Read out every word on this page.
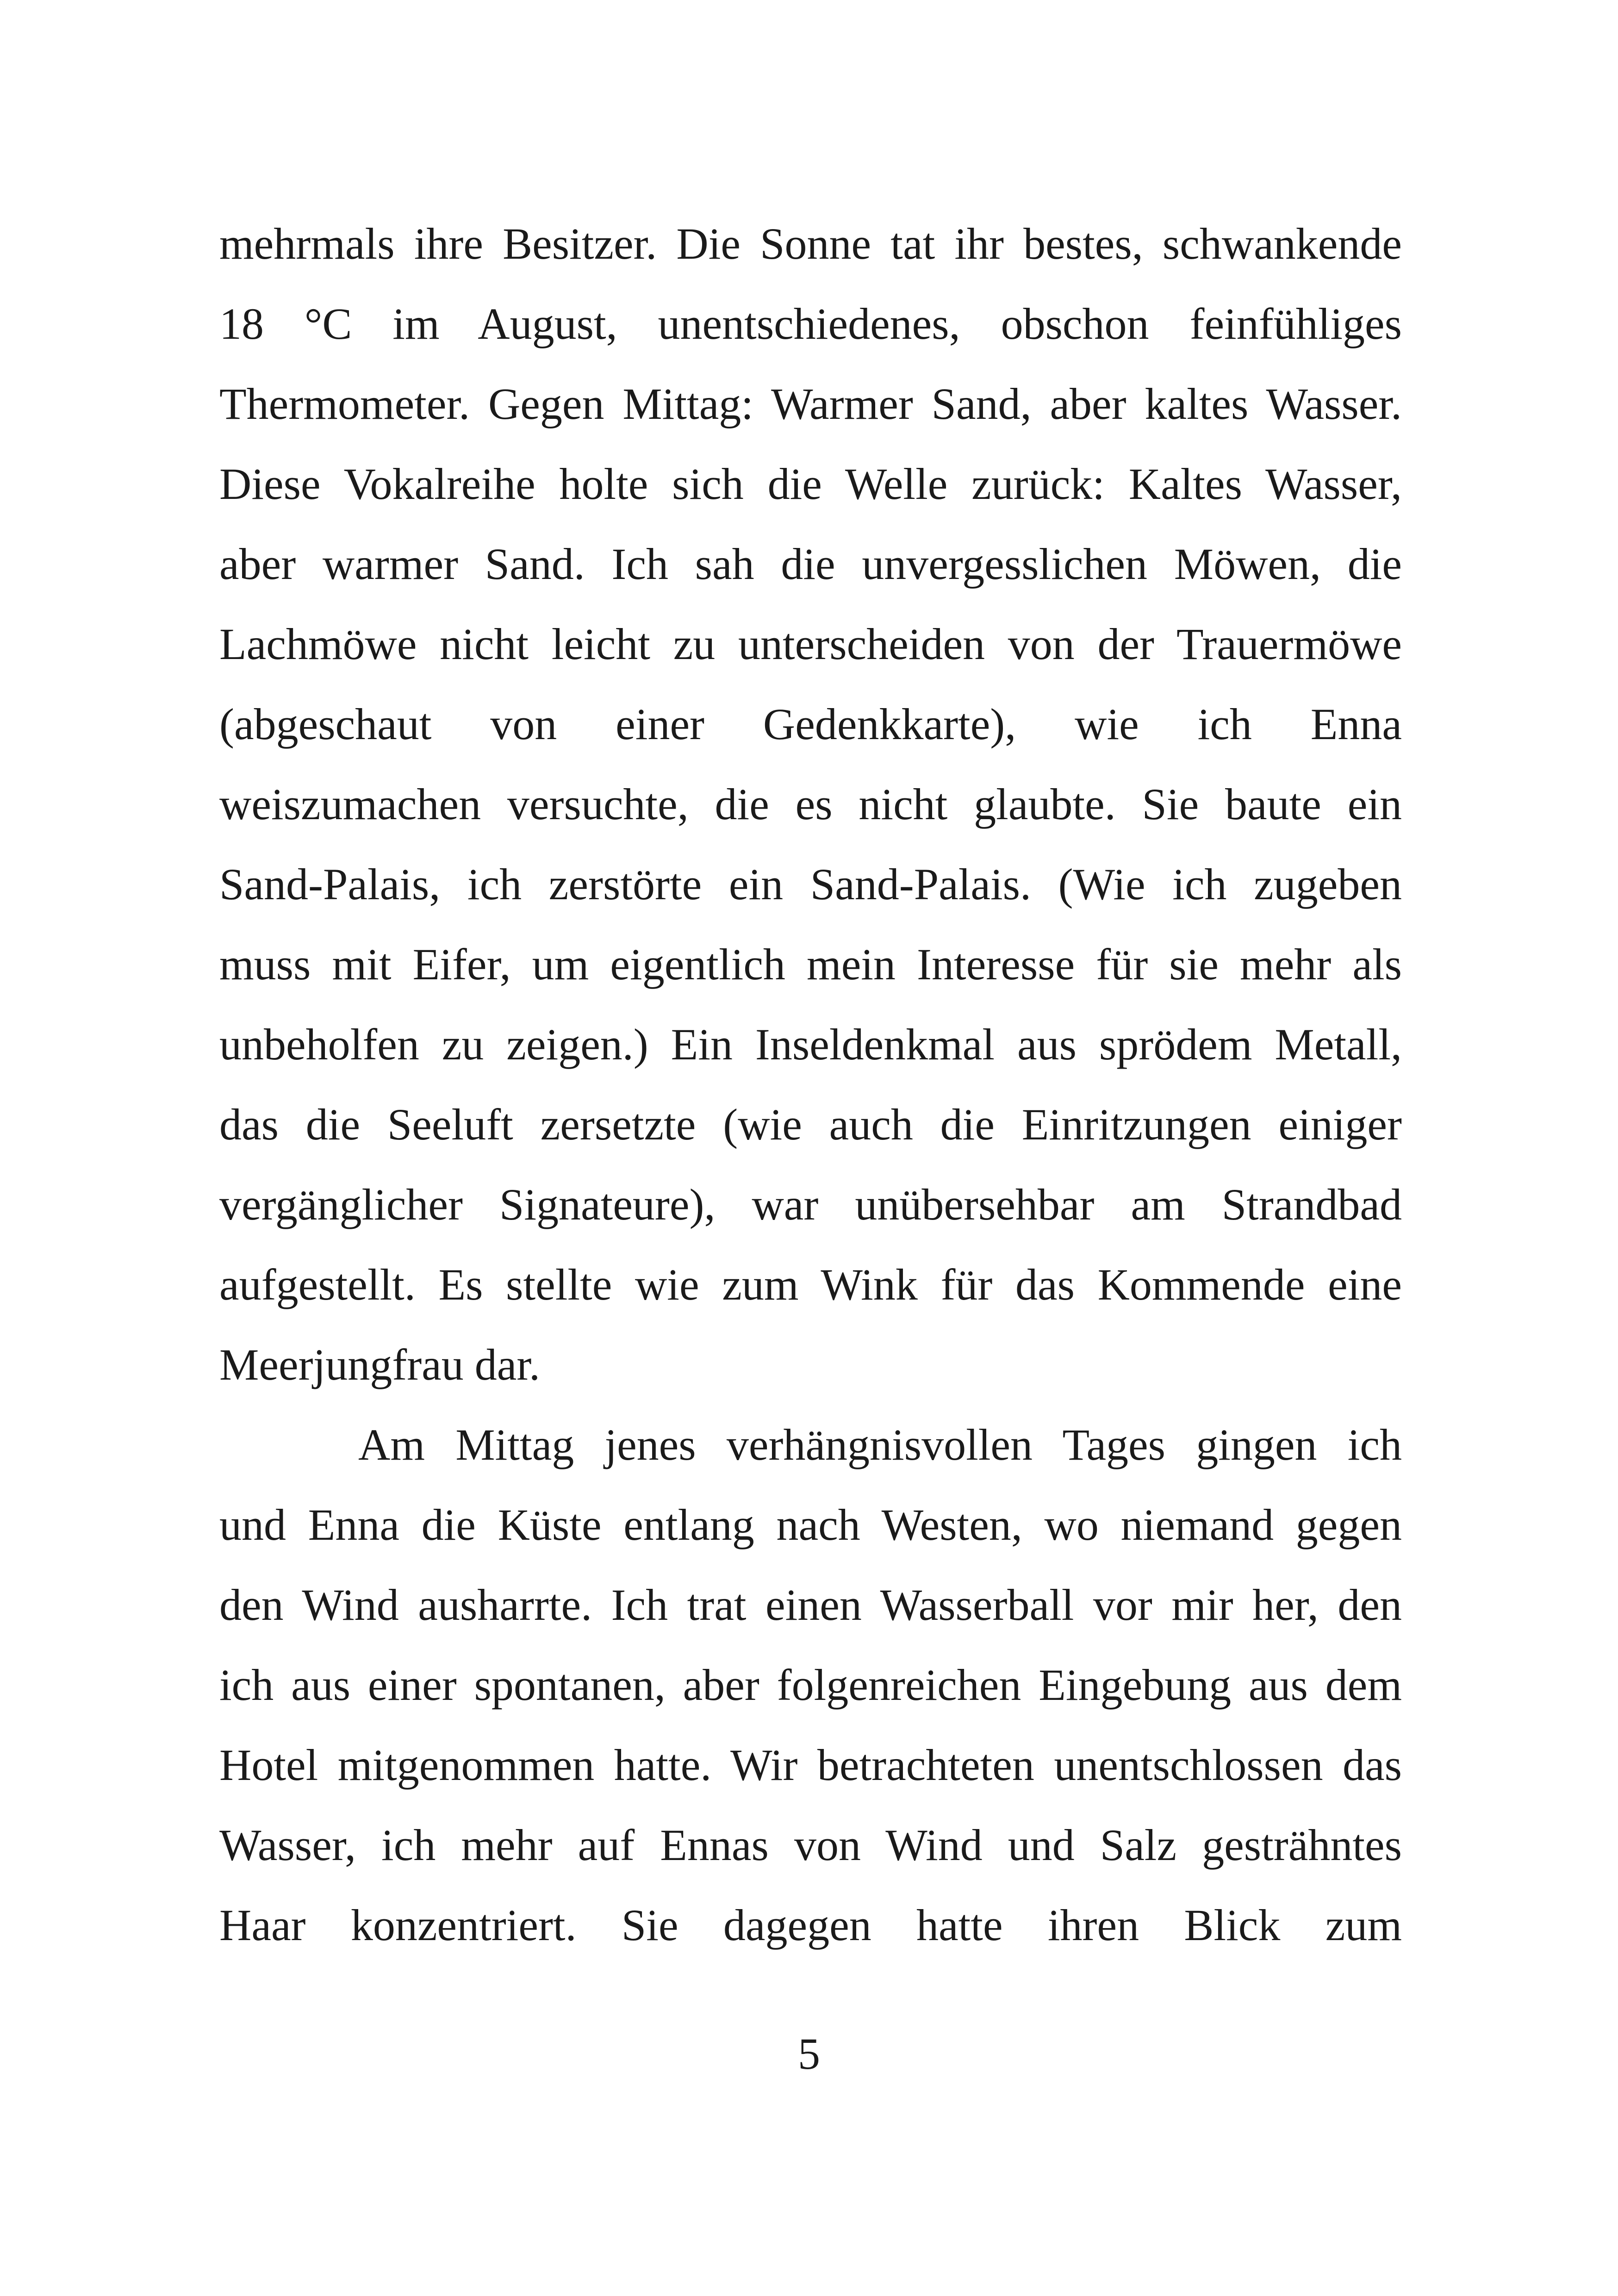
mehrmals ihre Besitzer. Die Sonne tat ihr bestes, schwankende
18 °C im August, unentschiedenes, obschon feinfühliges
Thermometer. Gegen Mittag: Warmer Sand, aber kaltes Wasser.
Diese Vokalreihe holte sich die Welle zurück: Kaltes Wasser,
aber warmer Sand. Ich sah die unvergesslichen Möwen, die
Lachmöwe nicht leicht zu unterscheiden von der Trauermöwe
(abgeschaut von einer Gedenkkarte), wie ich Enna
weiszumachen versuchte, die es nicht glaubte. Sie baute ein
Sand-Palais, ich zerstörte ein Sand-Palais. (Wie ich zugeben
muss mit Eifer, um eigentlich mein Interesse für sie mehr als
unbeholfen zu zeigen.) Ein Inseldenkmal aus sprödem Metall,
das die Seeluft zersetzte (wie auch die Einritzungen einiger
vergänglicher Signateure), war unübersehbar am Strandbad
aufgestellt. Es stellte wie zum Wink für das Kommende eine
Meerjungfrau dar.
Am Mittag jenes verhängnisvollen Tages gingen ich
und Enna die Küste entlang nach Westen, wo niemand gegen
den Wind ausharrte. Ich trat einen Wasserball vor mir her, den
ich aus einer spontanen, aber folgenreichen Eingebung aus dem
Hotel mitgenommen hatte. Wir betrachteten unentschlossen das
Wasser, ich mehr auf Ennas von Wind und Salz gesträhntes
Haar konzentriert. Sie dagegen hatte ihren Blick zum
5
